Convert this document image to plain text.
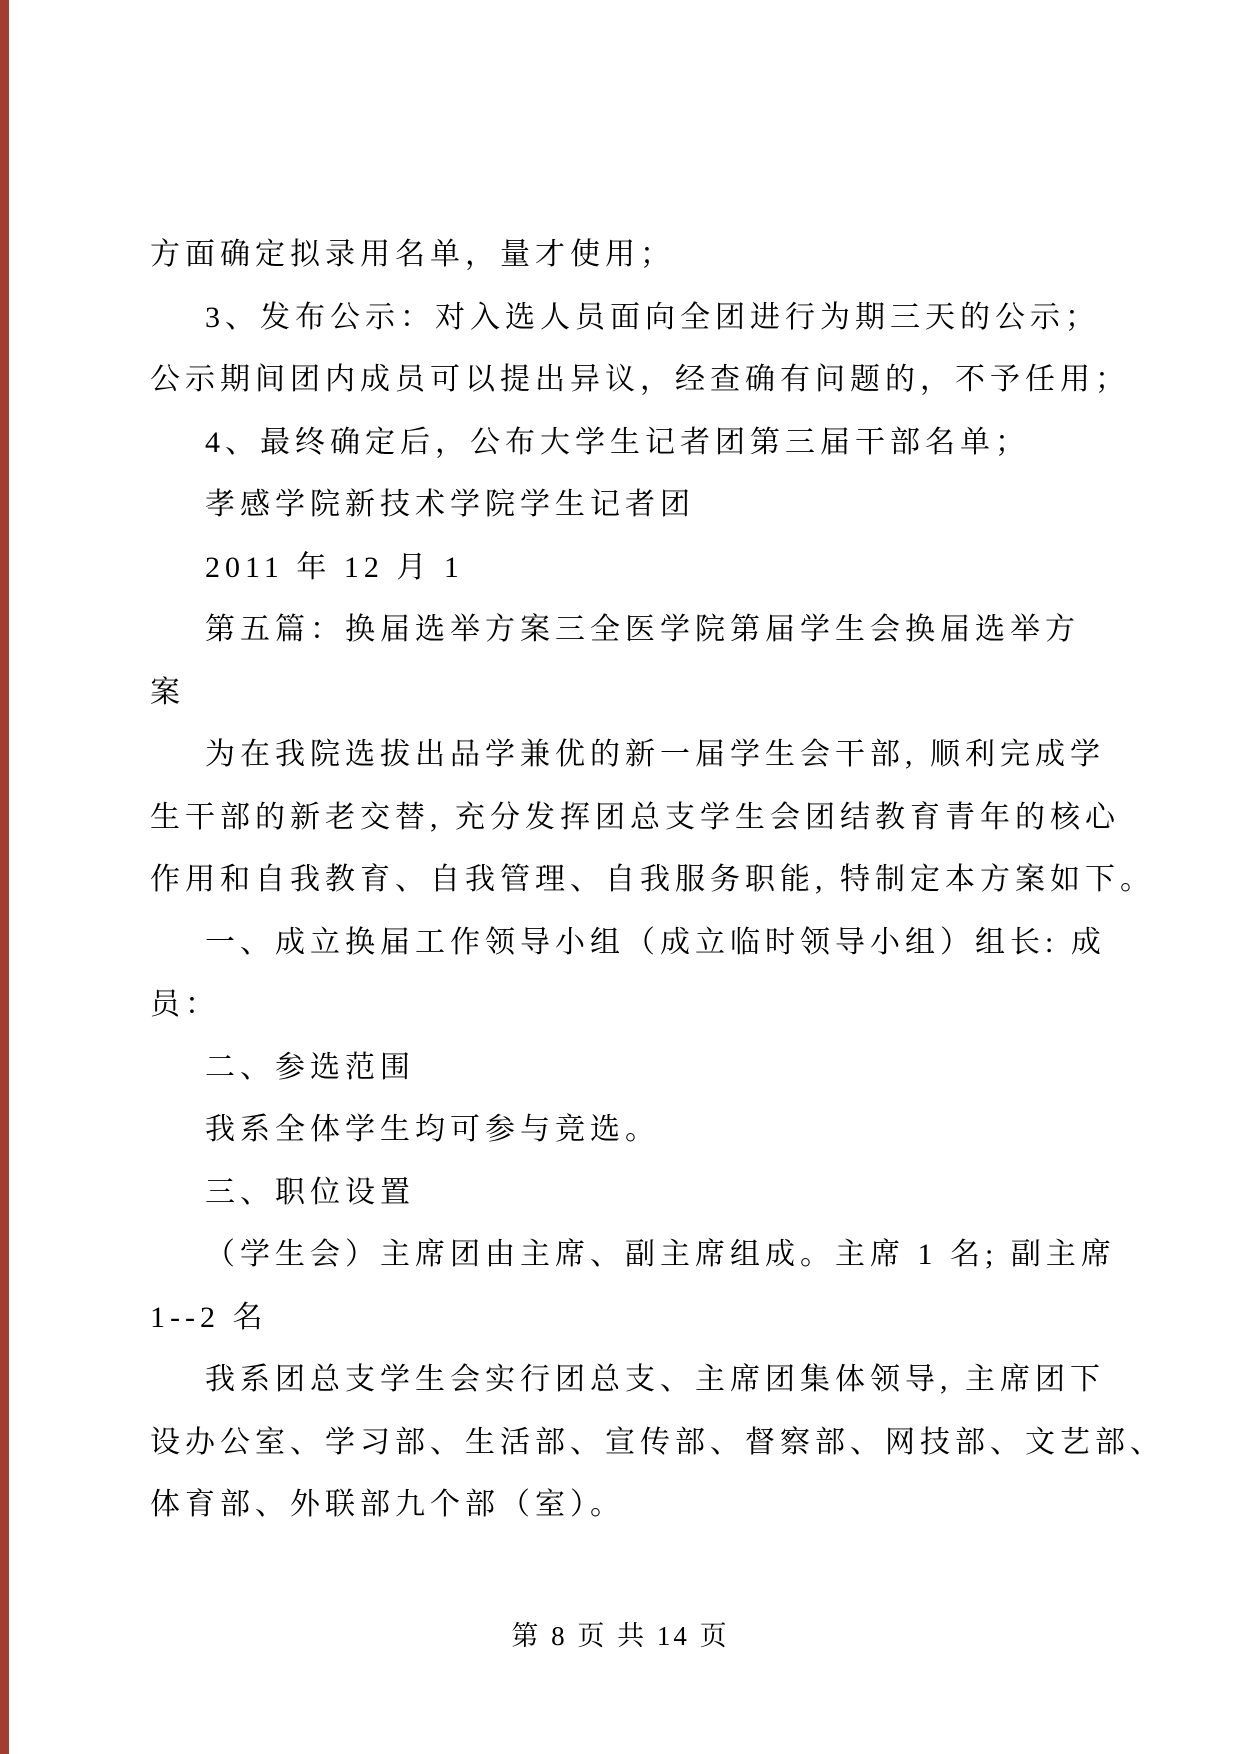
方面确定拟录用名单，量才使用；

3、发布公示：对入选人员面向全团进行为期三天的公示；

公示期间团内成员可以提出异议，经查确有问题的，不予任用；

4、最终确定后，公布大学生记者团第三届干部名单；

孝感学院新技术学院学生记者团

2011 年 12 月 1

第五篇：换届选举方案三全医学院第届学生会换届选举方

案

为在我院选拔出品学兼优的新一届学生会干部, 顺利完成学

生干部的新老交替, 充分发挥团总支学生会团结教育青年的核心

作用和自我教育、自我管理、自我服务职能, 特制定本方案如下。

一、成立换届工作领导小组（成立临时领导小组）组长: 成

员：

二、参选范围

我系全体学生均可参与竞选。

三、职位设置

（学生会）主席团由主席、副主席组成。主席 1 名; 副主席

1--2 名

我系团总支学生会实行团总支、主席团集体领导, 主席团下

设办公室、学习部、生活部、宣传部、督察部、网技部、文艺部、

体育部、外联部九个部（室）。

第 8 页 共 14 页
